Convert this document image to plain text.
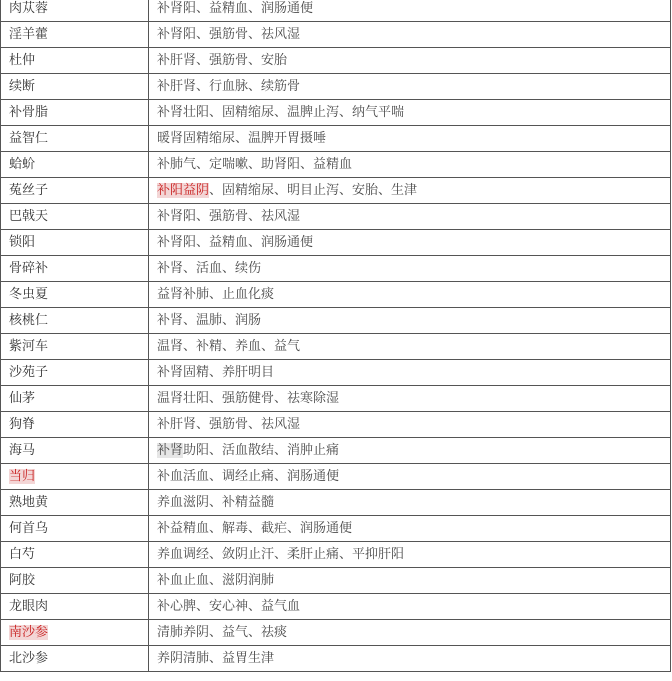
肉苁蓉	补肾阳、益精血、润肠通便
淫羊藿	补肾阳、强筋骨、祛风湿
杜仲	补肝肾、强筋骨、安胎
续断	补肝肾、行血脉、续筋骨
补骨脂	补肾壮阳、固精缩尿、温脾止泻、纳气平喘
益智仁	暖肾固精缩尿、温脾开胃摄唾
蛤蚧	补肺气、定喘嗽、助肾阳、益精血
菟丝子	补阳益阴、固精缩尿、明目止泻、安胎、生津
巴戟天	补肾阳、强筋骨、祛风湿
锁阳	补肾阳、益精血、润肠通便
骨碎补	补肾、活血、续伤
冬虫夏	益肾补肺、止血化痰
核桃仁	补肾、温肺、润肠
紫河车	温肾、补精、养血、益气
沙苑子	补肾固精、养肝明目
仙茅	温肾壮阳、强筋健骨、祛寒除湿
狗脊	补肝肾、强筋骨、祛风湿
海马	补肾助阳、活血散结、消肿止痛
当归	补血活血、调经止痛、润肠通便
熟地黄	养血滋阴、补精益髓
何首乌	补益精血、解毒、截疟、润肠通便
白芍	养血调经、敛阴止汗、柔肝止痛、平抑肝阳
阿胶	补血止血、滋阴润肺
龙眼肉	补心脾、安心神、益气血
南沙参	清肺养阴、益气、祛痰
北沙参	养阴清肺、益胃生津
